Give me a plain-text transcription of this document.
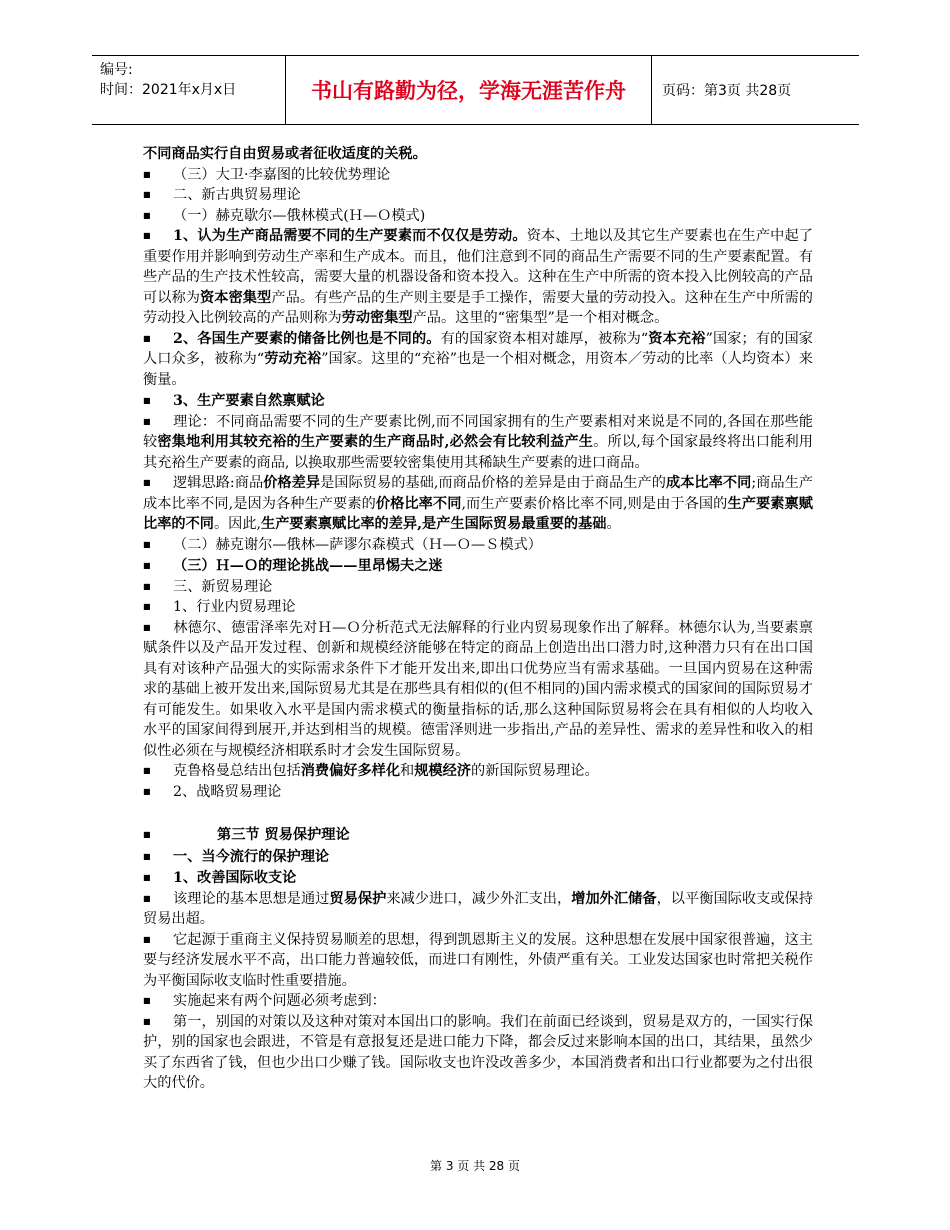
编号:
时间：2021年x月x日	书山有路勤为径，学海无涯苦作舟	页码：第3页 共28页

不同商品实行自由贸易或者征收适度的关税。

■ （三）大卫·李嘉图的比较优势理论

■ 二、新古典贸易理论

■ （一）赫克歇尔—俄林模式(Ｈ—Ｏ模式)

■ 1、认为生产商品需要不同的生产要素而不仅仅是劳动。资本、土地以及其它生产要素也在生产中起了重要作用并影响到劳动生产率和生产成本。而且，他们注意到不同的商品生产需要不同的生产要素配置。有些产品的生产技术性较高，需要大量的机器设备和资本投入。这种在生产中所需的资本投入比例较高的产品可以称为资本密集型产品。有些产品的生产则主要是手工操作，需要大量的劳动投入。这种在生产中所需的劳动投入比例较高的产品则称为劳动密集型产品。这里的“密集型”是一个相对概念。

■ 2、各国生产要素的储备比例也是不同的。有的国家资本相对雄厚，被称为“资本充裕”国家；有的国家人口众多，被称为“劳动充裕”国家。这里的“充裕”也是一个相对概念，用资本／劳动的比率（人均资本）来衡量。

■ 3、生产要素自然禀赋论

■ 理论：不同商品需要不同的生产要素比例,而不同国家拥有的生产要素相对来说是不同的,各国在那些能较密集地利用其较充裕的生产要素的生产商品时,必然会有比较利益产生。所以,每个国家最终将出口能利用其充裕生产要素的商品, 以换取那些需要较密集使用其稀缺生产要素的进口商品。

■ 逻辑思路:商品价格差异是国际贸易的基础,而商品价格的差异是由于商品生产的成本比率不同;商品生产成本比率不同,是因为各种生产要素的价格比率不同,而生产要素价格比率不同,则是由于各国的生产要素禀赋比率的不同。因此,生产要素禀赋比率的差异,是产生国际贸易最重要的基础。

■ （二）赫克谢尔—俄林—萨谬尔森模式（Ｈ—Ｏ—Ｓ模式）

■ （三）Ｈ—Ｏ的理论挑战——里昂惕夫之迷

■ 三、新贸易理论

■ 1、行业内贸易理论

■ 林德尔、德雷泽率先对Ｈ—Ｏ分析范式无法解释的行业内贸易现象作出了解释。林德尔认为,当要素禀赋条件以及产品开发过程、创新和规模经济能够在特定的商品上创造出出口潜力时,这种潜力只有在出口国具有对该种产品强大的实际需求条件下才能开发出来,即出口优势应当有需求基础。一旦国内贸易在这种需求的基础上被开发出来,国际贸易尤其是在那些具有相似的(但不相同的)国内需求模式的国家间的国际贸易才有可能发生。如果收入水平是国内需求模式的衡量指标的话,那么这种国际贸易将会在具有相似的人均收入水平的国家间得到展开,并达到相当的规模。德雷泽则进一步指出,产品的差异性、需求的差异性和收入的相似性必须在与规模经济相联系时才会发生国际贸易。

■ 克鲁格曼总结出包括消费偏好多样化和规模经济的新国际贸易理论。

■ 2、战略贸易理论

■ 第三节 贸易保护理论

■ 一、当今流行的保护理论

■ 1、改善国际收支论

■ 该理论的基本思想是通过贸易保护来减少进口，减少外汇支出，增加外汇储备，以平衡国际收支或保持贸易出超。

■ 它起源于重商主义保持贸易顺差的思想，得到凯恩斯主义的发展。这种思想在发展中国家很普遍，这主要与经济发展水平不高，出口能力普遍较低，而进口有刚性，外债严重有关。工业发达国家也时常把关税作为平衡国际收支临时性重要措施。

■ 实施起来有两个问题必须考虑到：

■ 第一，别国的对策以及这种对策对本国出口的影响。我们在前面已经谈到，贸易是双方的，一国实行保护，别的国家也会跟进，不管是有意报复还是进口能力下降，都会反过来影响本国的出口，其结果，虽然少买了东西省了钱，但也少出口少赚了钱。国际收支也许没改善多少，本国消费者和出口行业都要为之付出很大的代价。

第 3 页 共 28 页
